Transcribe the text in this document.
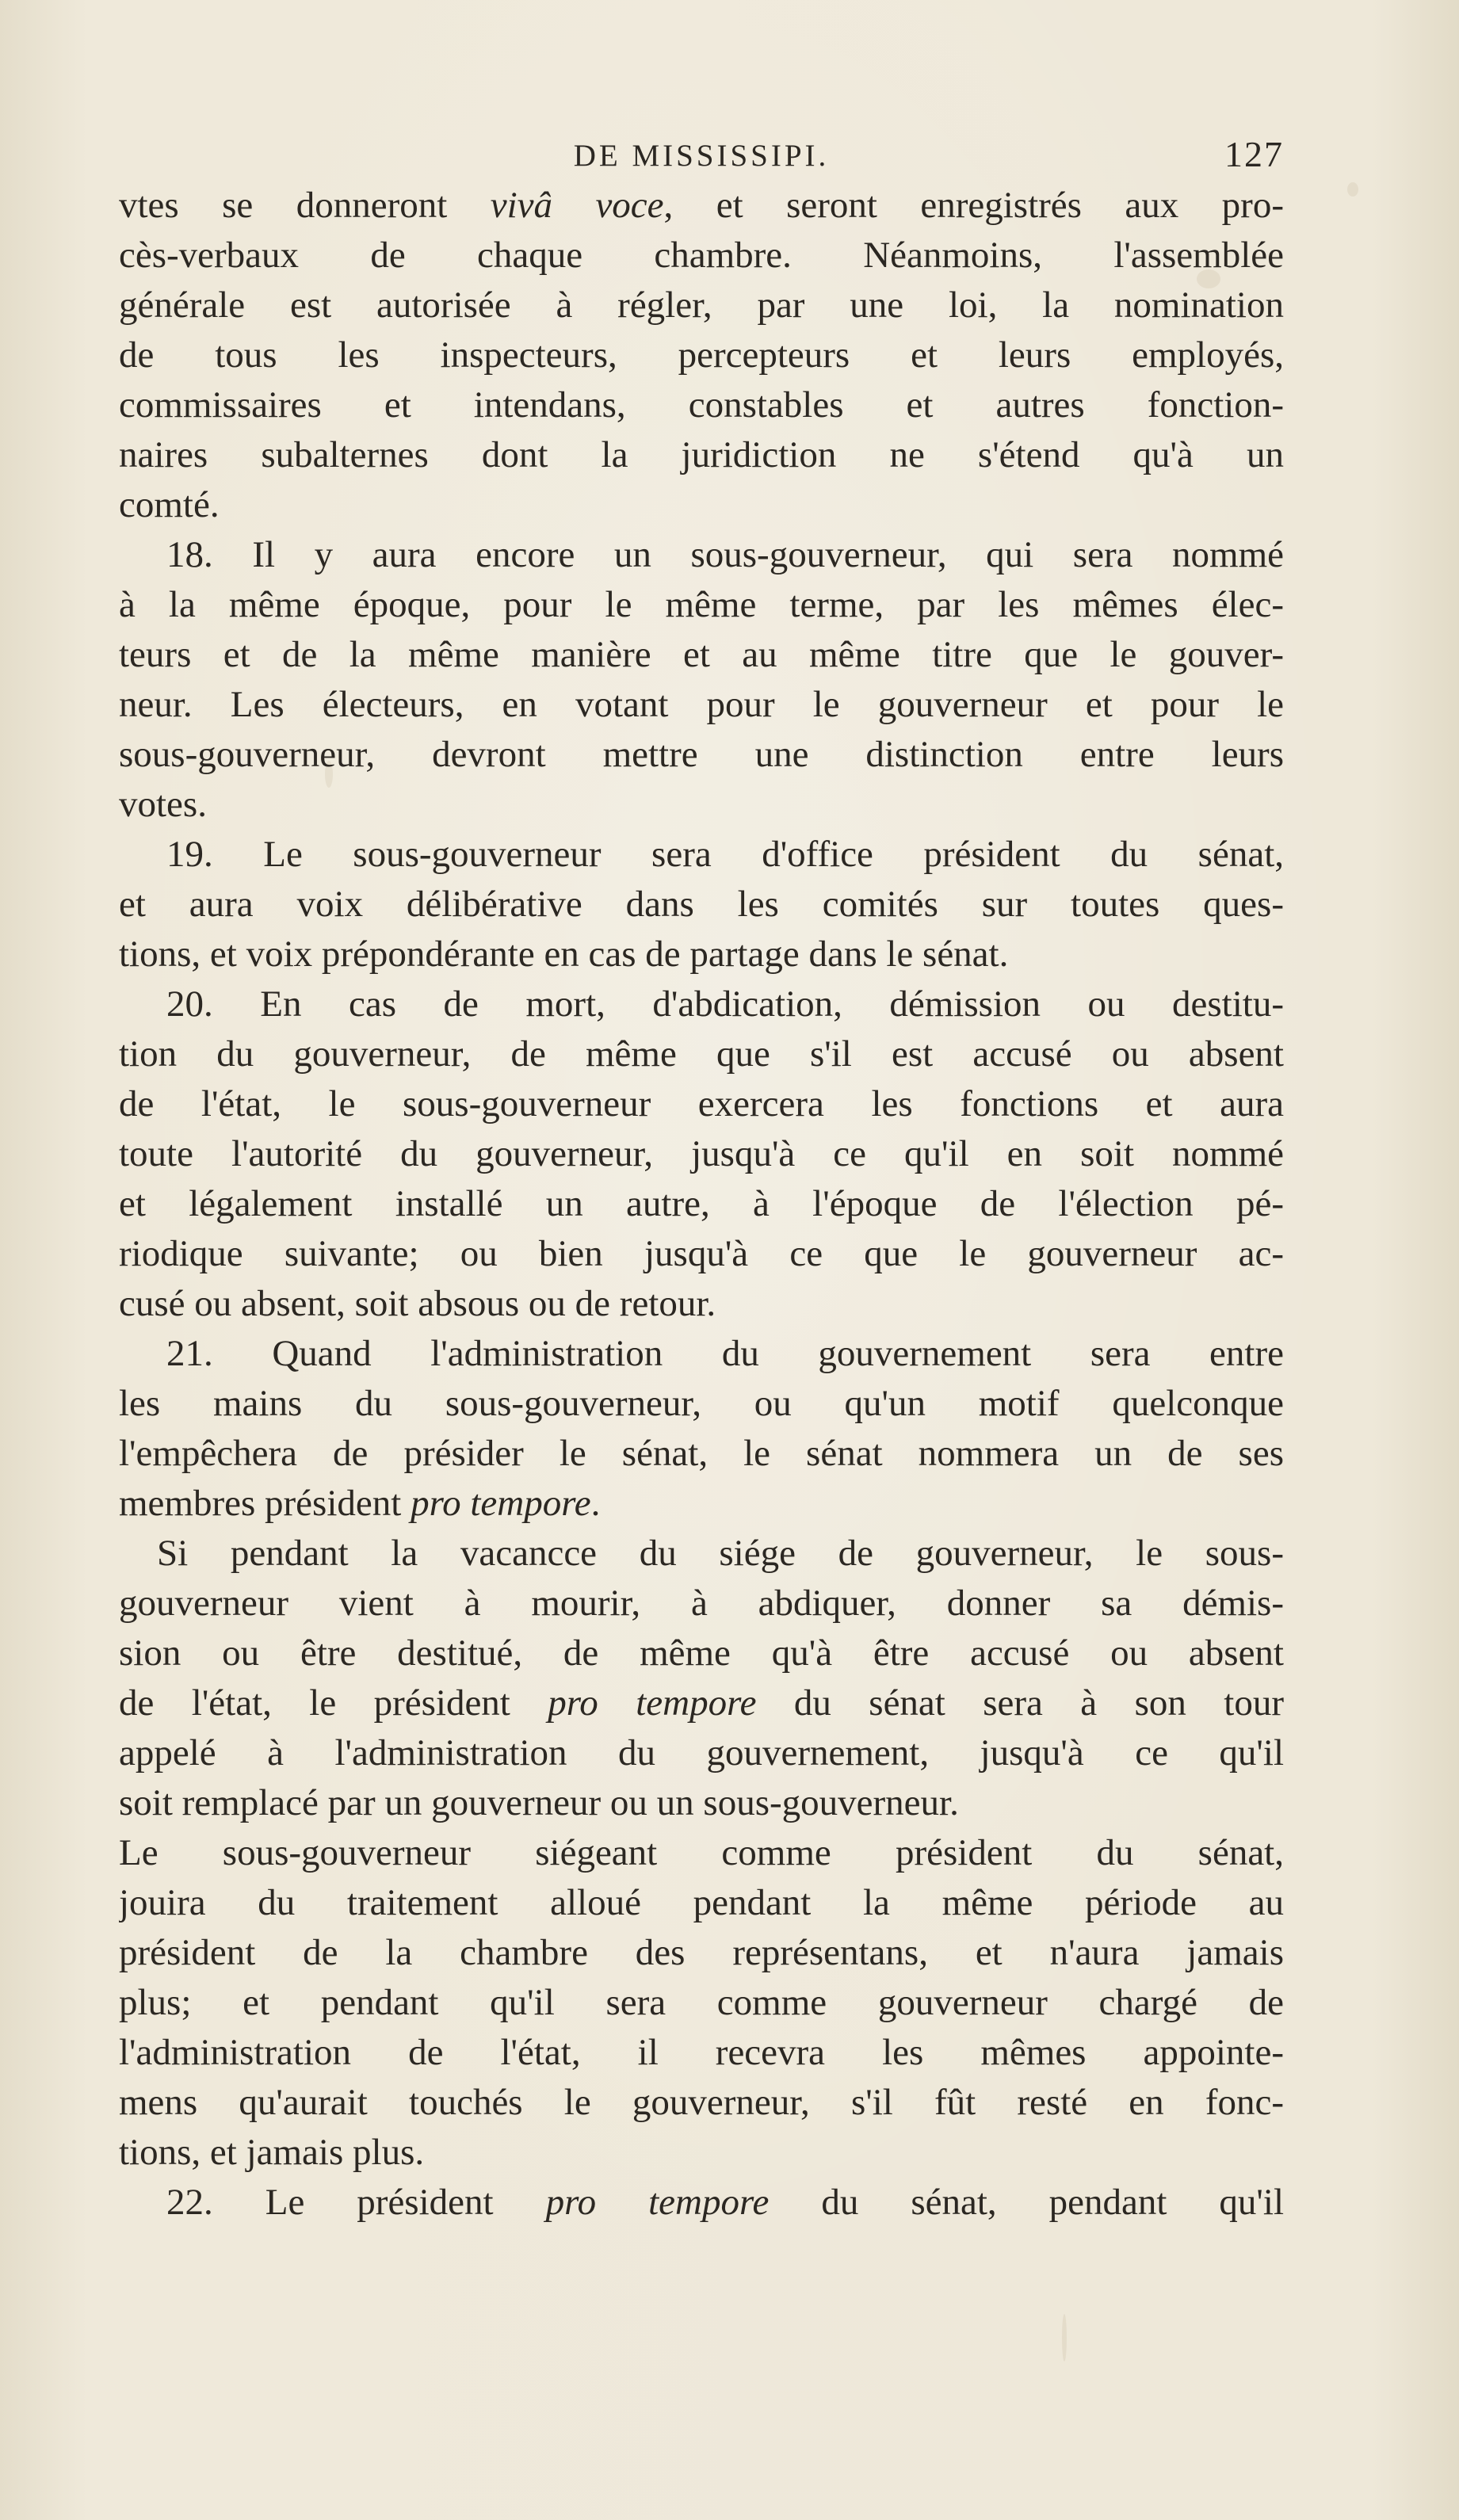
DE MISSISSIPI.	127
vtes se donneront vivâ voce, et seront enregistrés aux pro-
cès-verbaux de chaque chambre. Néanmoins, l'assemblée
générale est autorisée à régler, par une loi, la nomination
de tous les inspecteurs, percepteurs et leurs employés,
commissaires et intendans, constables et autres fonction-
naires subalternes dont la juridiction ne s'étend qu'à un
comté.
18. Il y aura encore un sous-gouverneur, qui sera nommé
à la même époque, pour le même terme, par les mêmes élec-
teurs et de la même manière et au même titre que le gouver-
neur. Les électeurs, en votant pour le gouverneur et pour le
sous-gouverneur, devront mettre une distinction entre leurs
votes.
19. Le sous-gouverneur sera d'office président du sénat,
et aura voix délibérative dans les comités sur toutes ques-
tions, et voix prépondérante en cas de partage dans le sénat.
20. En cas de mort, d'abdication, démission ou destitu-
tion du gouverneur, de même que s'il est accusé ou absent
de l'état, le sous-gouverneur exercera les fonctions et aura
toute l'autorité du gouverneur, jusqu'à ce qu'il en soit nommé
et légalement installé un autre, à l'époque de l'élection pé-
riodique suivante; ou bien jusqu'à ce que le gouverneur ac-
cusé ou absent, soit absous ou de retour.
21. Quand l'administration du gouvernement sera entre
les mains du sous-gouverneur, ou qu'un motif quelconque
l'empêchera de présider le sénat, le sénat nommera un de ses
membres président pro tempore.
Si pendant la vacancce du siége de gouverneur, le sous-
gouverneur vient à mourir, à abdiquer, donner sa démis-
sion ou être destitué, de même qu'à être accusé ou absent
de l'état, le président pro tempore du sénat sera à son tour
appelé à l'administration du gouvernement, jusqu'à ce qu'il
soit remplacé par un gouverneur ou un sous-gouverneur.
Le sous-gouverneur siégeant comme président du sénat,
jouira du traitement alloué pendant la même période au
président de la chambre des représentans, et n'aura jamais
plus; et pendant qu'il sera comme gouverneur chargé de
l'administration de l'état, il recevra les mêmes appointe-
mens qu'aurait touchés le gouverneur, s'il fût resté en fonc-
tions, et jamais plus.
22. Le président pro tempore du sénat, pendant qu'il
